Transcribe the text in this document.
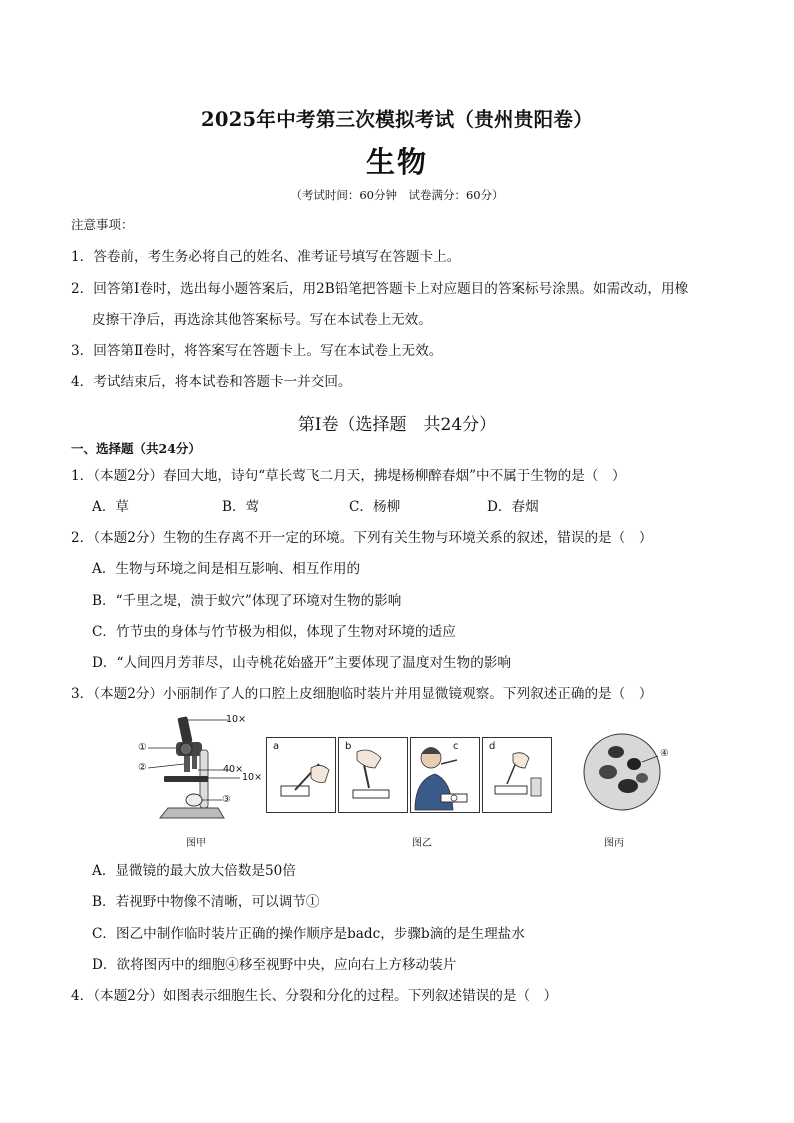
2025年中考第三次模拟考试（贵州贵阳卷）
生物
（考试时间：60分钟　试卷满分：60分）
注意事项：
1．答卷前，考生务必将自己的姓名、准考证号填写在答题卡上。
2．回答第Ⅰ卷时，选出每小题答案后，用2B铅笔把答题卡上对应题目的答案标号涂黑。如需改动，用橡
皮擦干净后，再选涂其他答案标号。写在本试卷上无效。
3．回答第Ⅱ卷时，将答案写在答题卡上。写在本试卷上无效。
4．考试结束后，将本试卷和答题卡一并交回。
第Ⅰ卷（选择题　共24分）
一、选择题（共24分）
1．（本题2分）春回大地，诗句“草长莺飞二月天，拂堤杨柳醉春烟”中不属于生物的是（　）
A．草	B．莺	C．杨柳	D．春烟
2．（本题2分）生物的生存离不开一定的环境。下列有关生物与环境关系的叙述，错误的是（　）
A．生物与环境之间是相互影响、相互作用的
B．“千里之堤，溃于蚁穴”体现了环境对生物的影响
C．竹节虫的身体与竹节极为相似，体现了生物对环境的适应
D．“人间四月芳菲尽，山寺桃花始盛开”主要体现了温度对生物的影响
3．（本题2分）小丽制作了人的口腔上皮细胞临时装片并用显微镜观察。下列叙述正确的是（　）
10×
①
②	40×
10×
③
a	b	c	d
④
图甲	图乙	图丙
A．显微镜的最大放大倍数是50倍
B．若视野中物像不清晰，可以调节①
C．图乙中制作临时装片正确的操作顺序是badc，步骤b滴的是生理盐水
D．欲将图丙中的细胞④移至视野中央，应向右上方移动装片
4．（本题2分）如图表示细胞生长、分裂和分化的过程。下列叙述错误的是（　）
